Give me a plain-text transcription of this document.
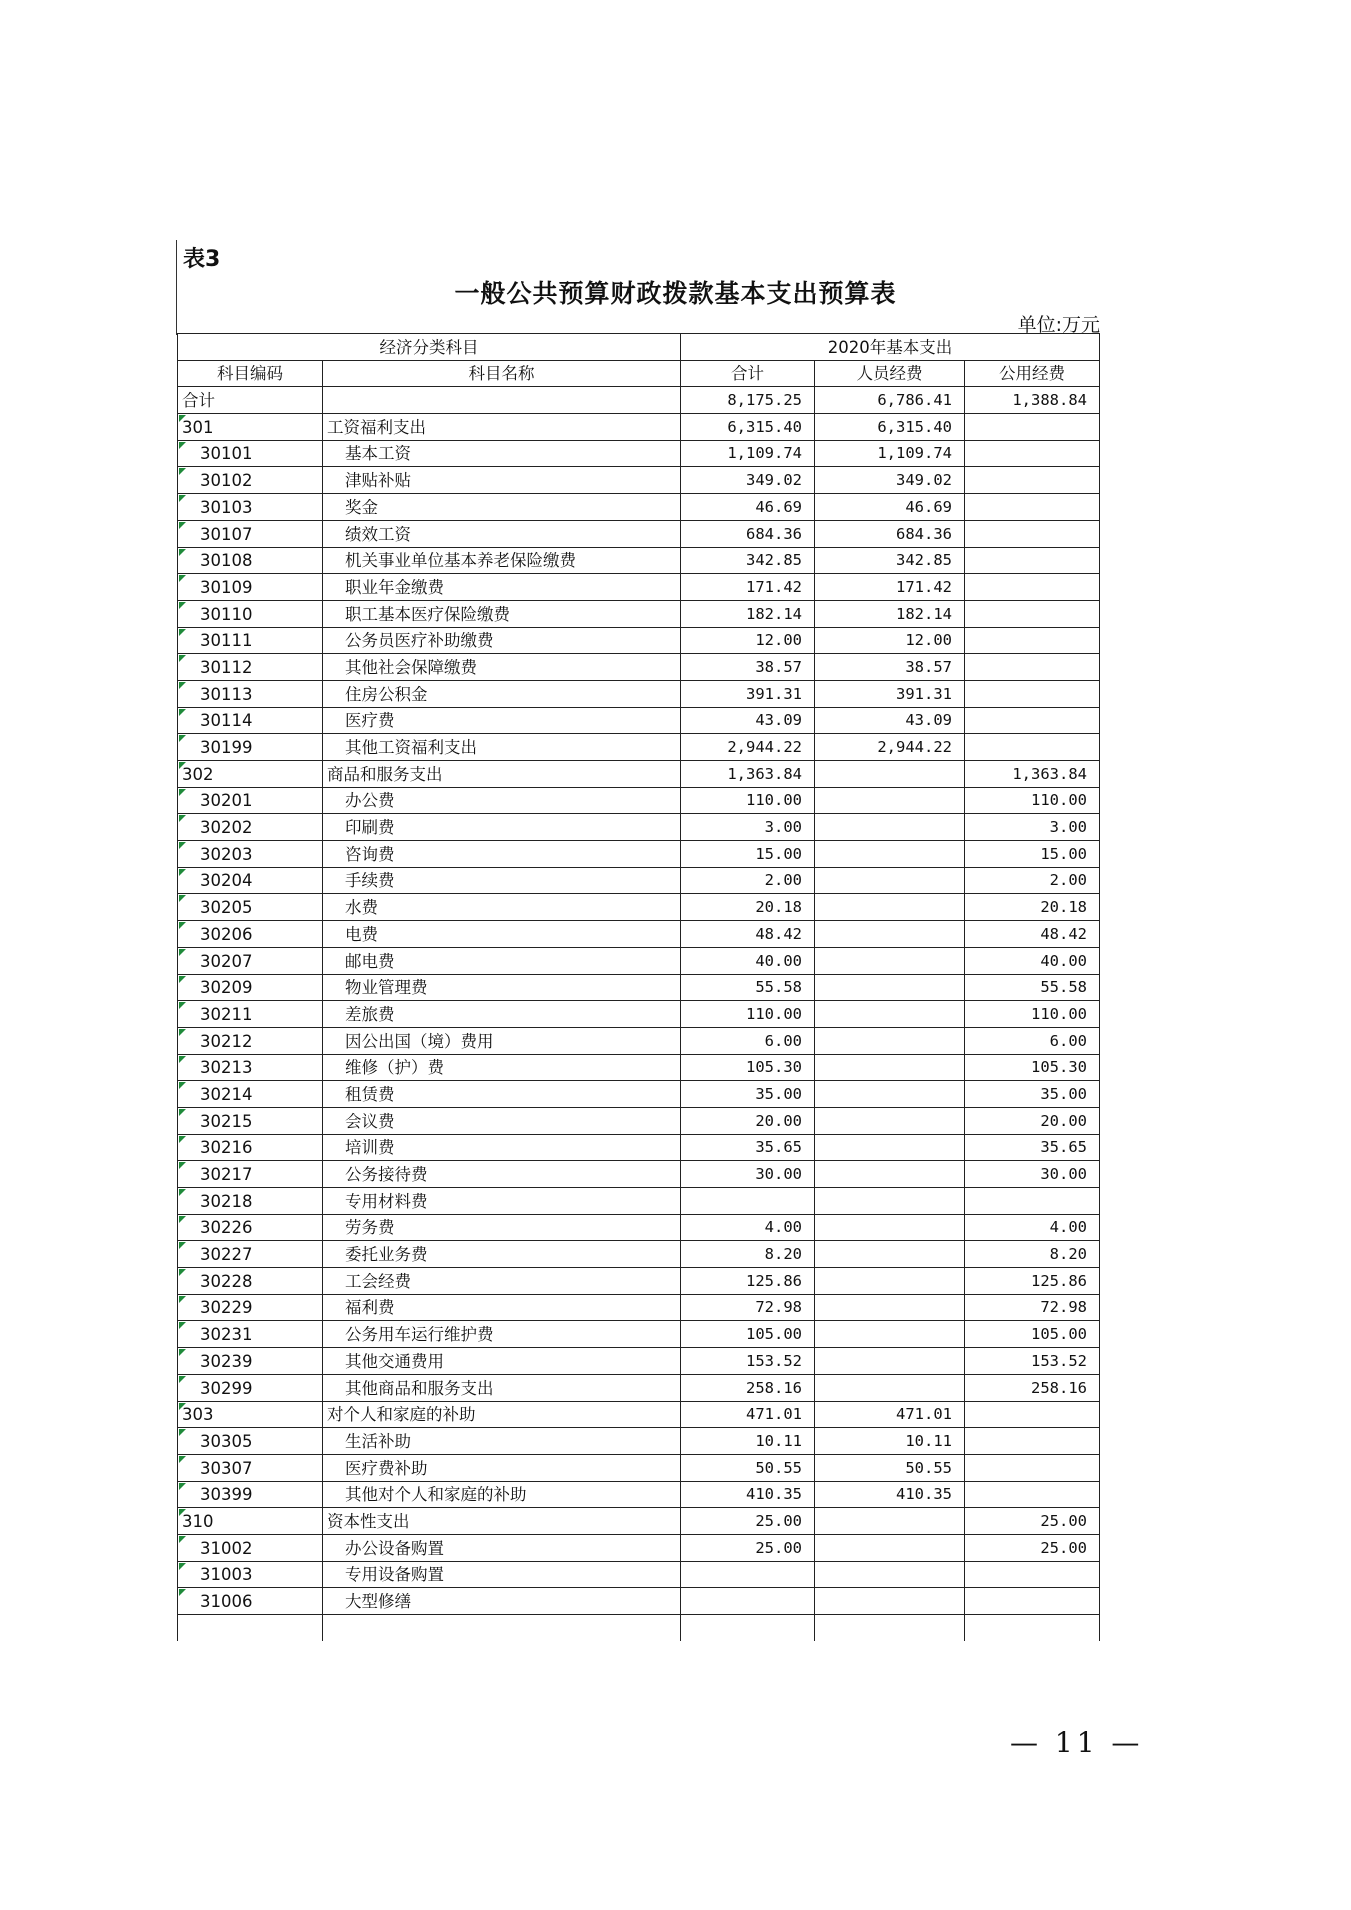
表3
一般公共预算财政拨款基本支出预算表
单位:万元
经济分类科目		2020年基本支出		
科目编码	科目名称	合计	人员经费	公用经费
合计		8,175.25	6,786.41	1,388.84

301	工资福利支出	6,315.40	6,315.40	

30101	基本工资	1,109.74	1,109.74	

30102	津贴补贴	349.02	349.02	

30103	奖金	46.69	46.69	

30107	绩效工资	684.36	684.36	

30108	机关事业单位基本养老保险缴费	342.85	342.85	

30109	职业年金缴费	171.42	171.42	

30110	职工基本医疗保险缴费	182.14	182.14	

30111	公务员医疗补助缴费	12.00	12.00	

30112	其他社会保障缴费	38.57	38.57	

30113	住房公积金	391.31	391.31	

30114	医疗费	43.09	43.09	

30199	其他工资福利支出	2,944.22	2,944.22	

302	商品和服务支出	1,363.84		1,363.84

30201	办公费	110.00		110.00

30202	印刷费	3.00		3.00

30203	咨询费	15.00		15.00

30204	手续费	2.00		2.00

30205	水费	20.18		20.18

30206	电费	48.42		48.42

30207	邮电费	40.00		40.00

30209	物业管理费	55.58		55.58

30211	差旅费	110.00		110.00

30212	因公出国（境）费用	6.00		6.00

30213	维修（护）费	105.30		105.30

30214	租赁费	35.00		35.00

30215	会议费	20.00		20.00

30216	培训费	35.65		35.65

30217	公务接待费	30.00		30.00

30218	专用材料费			

30226	劳务费	4.00		4.00

30227	委托业务费	8.20		8.20

30228	工会经费	125.86		125.86

30229	福利费	72.98		72.98

30231	公务用车运行维护费	105.00		105.00

30239	其他交通费用	153.52		153.52

30299	其他商品和服务支出	258.16		258.16

303	对个人和家庭的补助	471.01	471.01	

30305	生活补助	10.11	10.11	

30307	医疗费补助	50.55	50.55	

30399	其他对个人和家庭的补助	410.35	410.35	

310	资本性支出	25.00		25.00

31002	办公设备购置	25.00		25.00

31003	专用设备购置			

31006	大型修缮			

— 11 —
